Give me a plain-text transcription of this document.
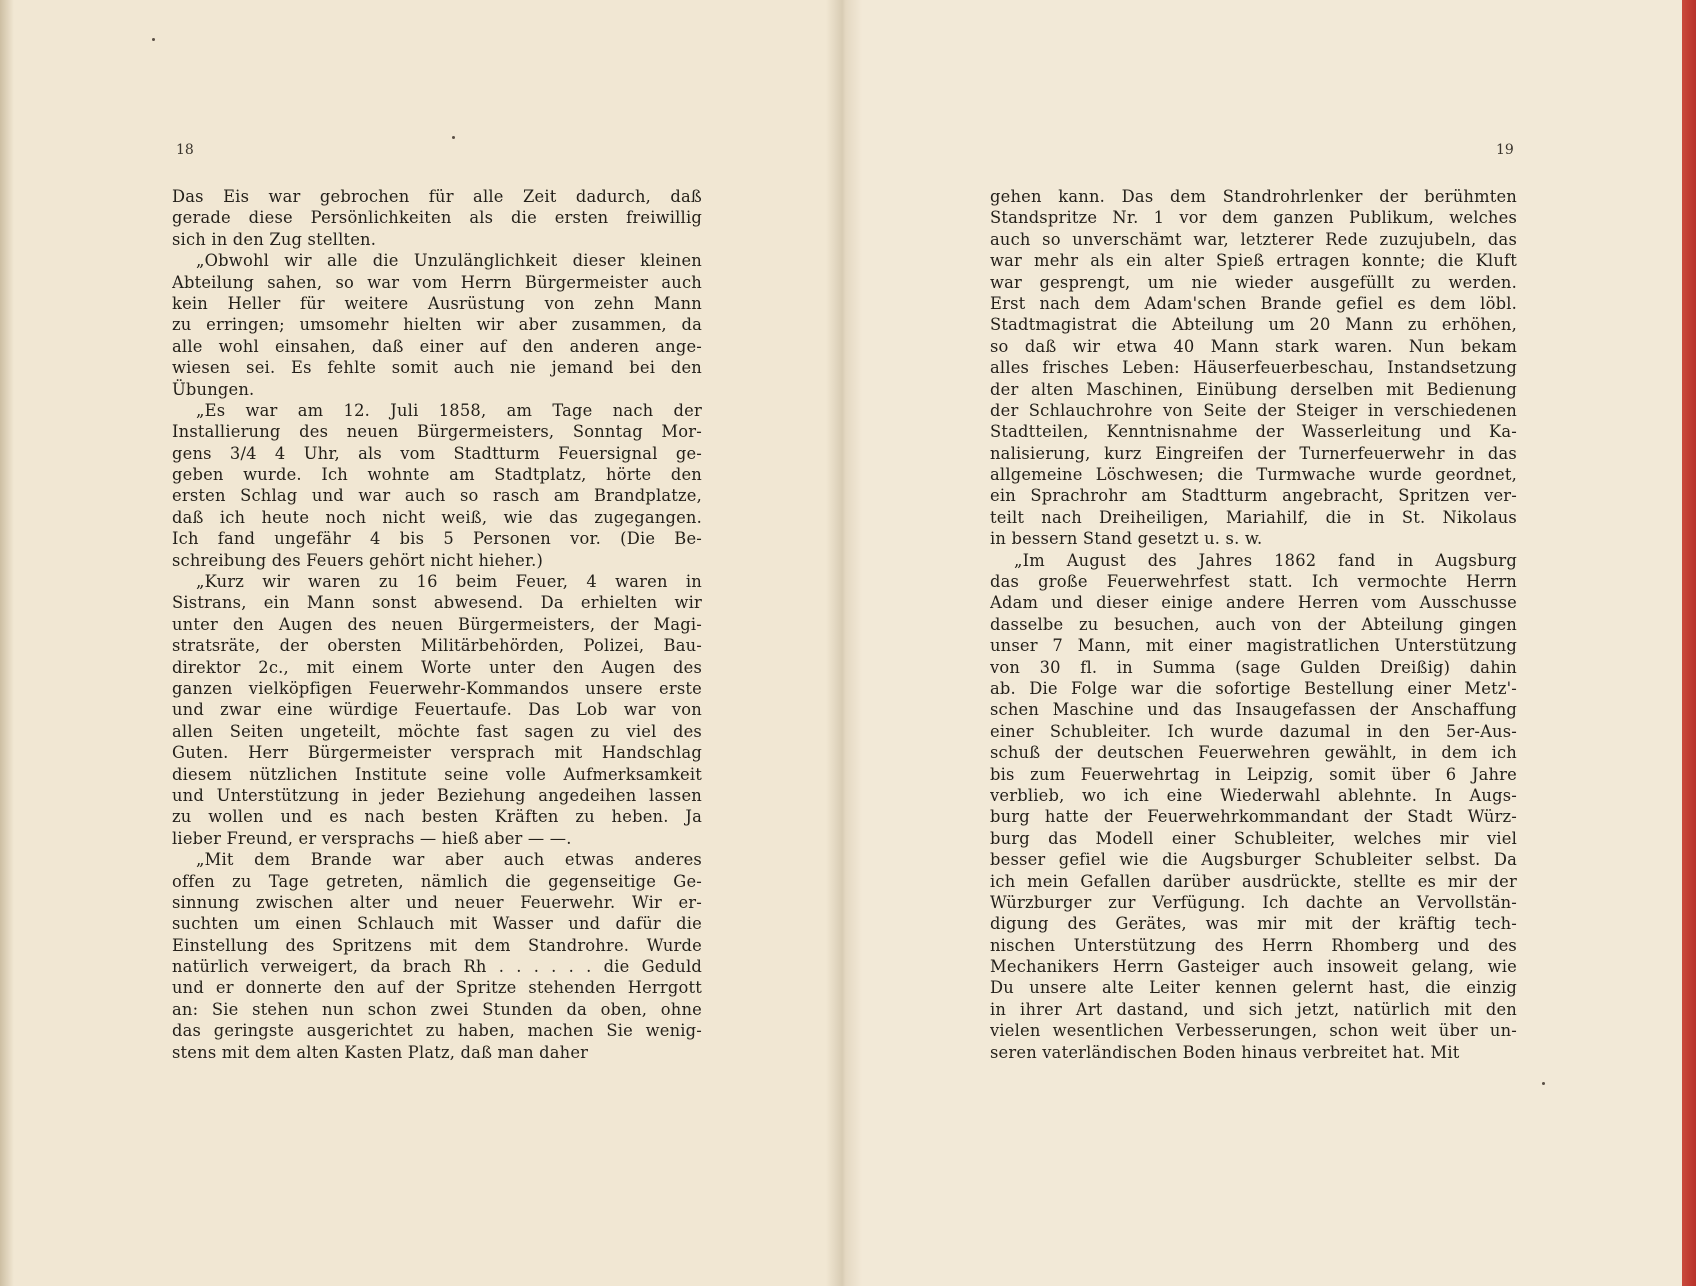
18
Das Eis war gebrochen für alle Zeit dadurch, daß
gerade diese Persönlichkeiten als die ersten freiwillig
sich in den Zug stellten.
„Obwohl wir alle die Unzulänglichkeit dieser kleinen
Abteilung sahen, so war vom Herrn Bürgermeister auch
kein Heller für weitere Ausrüstung von zehn Mann
zu erringen; umsomehr hielten wir aber zusammen, da
alle wohl einsahen, daß einer auf den anderen ange-
wiesen sei. Es fehlte somit auch nie jemand bei den
Übungen.
„Es war am 12. Juli 1858, am Tage nach der
Installierung des neuen Bürgermeisters, Sonntag Mor-
gens 3/4 4 Uhr, als vom Stadtturm Feuersignal ge-
geben wurde. Ich wohnte am Stadtplatz, hörte den
ersten Schlag und war auch so rasch am Brandplatze,
daß ich heute noch nicht weiß, wie das zugegangen.
Ich fand ungefähr 4 bis 5 Personen vor. (Die Be-
schreibung des Feuers gehört nicht hieher.)
„Kurz wir waren zu 16 beim Feuer, 4 waren in
Sistrans, ein Mann sonst abwesend. Da erhielten wir
unter den Augen des neuen Bürgermeisters, der Magi-
stratsräte, der obersten Militärbehörden, Polizei, Bau-
direktor 2c., mit einem Worte unter den Augen des
ganzen vielköpfigen Feuerwehr-Kommandos unsere erste
und zwar eine würdige Feuertaufe. Das Lob war von
allen Seiten ungeteilt, möchte fast sagen zu viel des
Guten. Herr Bürgermeister versprach mit Handschlag
diesem nützlichen Institute seine volle Aufmerksamkeit
und Unterstützung in jeder Beziehung angedeihen lassen
zu wollen und es nach besten Kräften zu heben. Ja
lieber Freund, er versprachs — hieß aber — —.
„Mit dem Brande war aber auch etwas anderes
offen zu Tage getreten, nämlich die gegenseitige Ge-
sinnung zwischen alter und neuer Feuerwehr. Wir er-
suchten um einen Schlauch mit Wasser und dafür die
Einstellung des Spritzens mit dem Standrohre. Wurde
natürlich verweigert, da brach Rh . . . . . . die Geduld
und er donnerte den auf der Spritze stehenden Herrgott
an: Sie stehen nun schon zwei Stunden da oben, ohne
das geringste ausgerichtet zu haben, machen Sie wenig-
stens mit dem alten Kasten Platz, daß man daher
19
gehen kann. Das dem Standrohrlenker der berühmten
Standspritze Nr. 1 vor dem ganzen Publikum, welches
auch so unverschämt war, letzterer Rede zuzujubeln, das
war mehr als ein alter Spieß ertragen konnte; die Kluft
war gesprengt, um nie wieder ausgefüllt zu werden.
Erst nach dem Adam'schen Brande gefiel es dem löbl.
Stadtmagistrat die Abteilung um 20 Mann zu erhöhen,
so daß wir etwa 40 Mann stark waren. Nun bekam
alles frisches Leben: Häuserfeuerbeschau, Instandsetzung
der alten Maschinen, Einübung derselben mit Bedienung
der Schlauchrohre von Seite der Steiger in verschiedenen
Stadtteilen, Kenntnisnahme der Wasserleitung und Ka-
nalisierung, kurz Eingreifen der Turnerfeuerwehr in das
allgemeine Löschwesen; die Turmwache wurde geordnet,
ein Sprachrohr am Stadtturm angebracht, Spritzen ver-
teilt nach Dreiheiligen, Mariahilf, die in St. Nikolaus
in bessern Stand gesetzt u. s. w.
„Im August des Jahres 1862 fand in Augsburg
das große Feuerwehrfest statt. Ich vermochte Herrn
Adam und dieser einige andere Herren vom Ausschusse
dasselbe zu besuchen, auch von der Abteilung gingen
unser 7 Mann, mit einer magistratlichen Unterstützung
von 30 fl. in Summa (sage Gulden Dreißig) dahin
ab. Die Folge war die sofortige Bestellung einer Metz'-
schen Maschine und das Insaugefassen der Anschaffung
einer Schubleiter. Ich wurde dazumal in den 5er-Aus-
schuß der deutschen Feuerwehren gewählt, in dem ich
bis zum Feuerwehrtag in Leipzig, somit über 6 Jahre
verblieb, wo ich eine Wiederwahl ablehnte. In Augs-
burg hatte der Feuerwehrkommandant der Stadt Würz-
burg das Modell einer Schubleiter, welches mir viel
besser gefiel wie die Augsburger Schubleiter selbst. Da
ich mein Gefallen darüber ausdrückte, stellte es mir der
Würzburger zur Verfügung. Ich dachte an Vervollstän-
digung des Gerätes, was mir mit der kräftig tech-
nischen Unterstützung des Herrn Rhomberg und des
Mechanikers Herrn Gasteiger auch insoweit gelang, wie
Du unsere alte Leiter kennen gelernt hast, die einzig
in ihrer Art dastand, und sich jetzt, natürlich mit den
vielen wesentlichen Verbesserungen, schon weit über un-
seren vaterländischen Boden hinaus verbreitet hat. Mit
